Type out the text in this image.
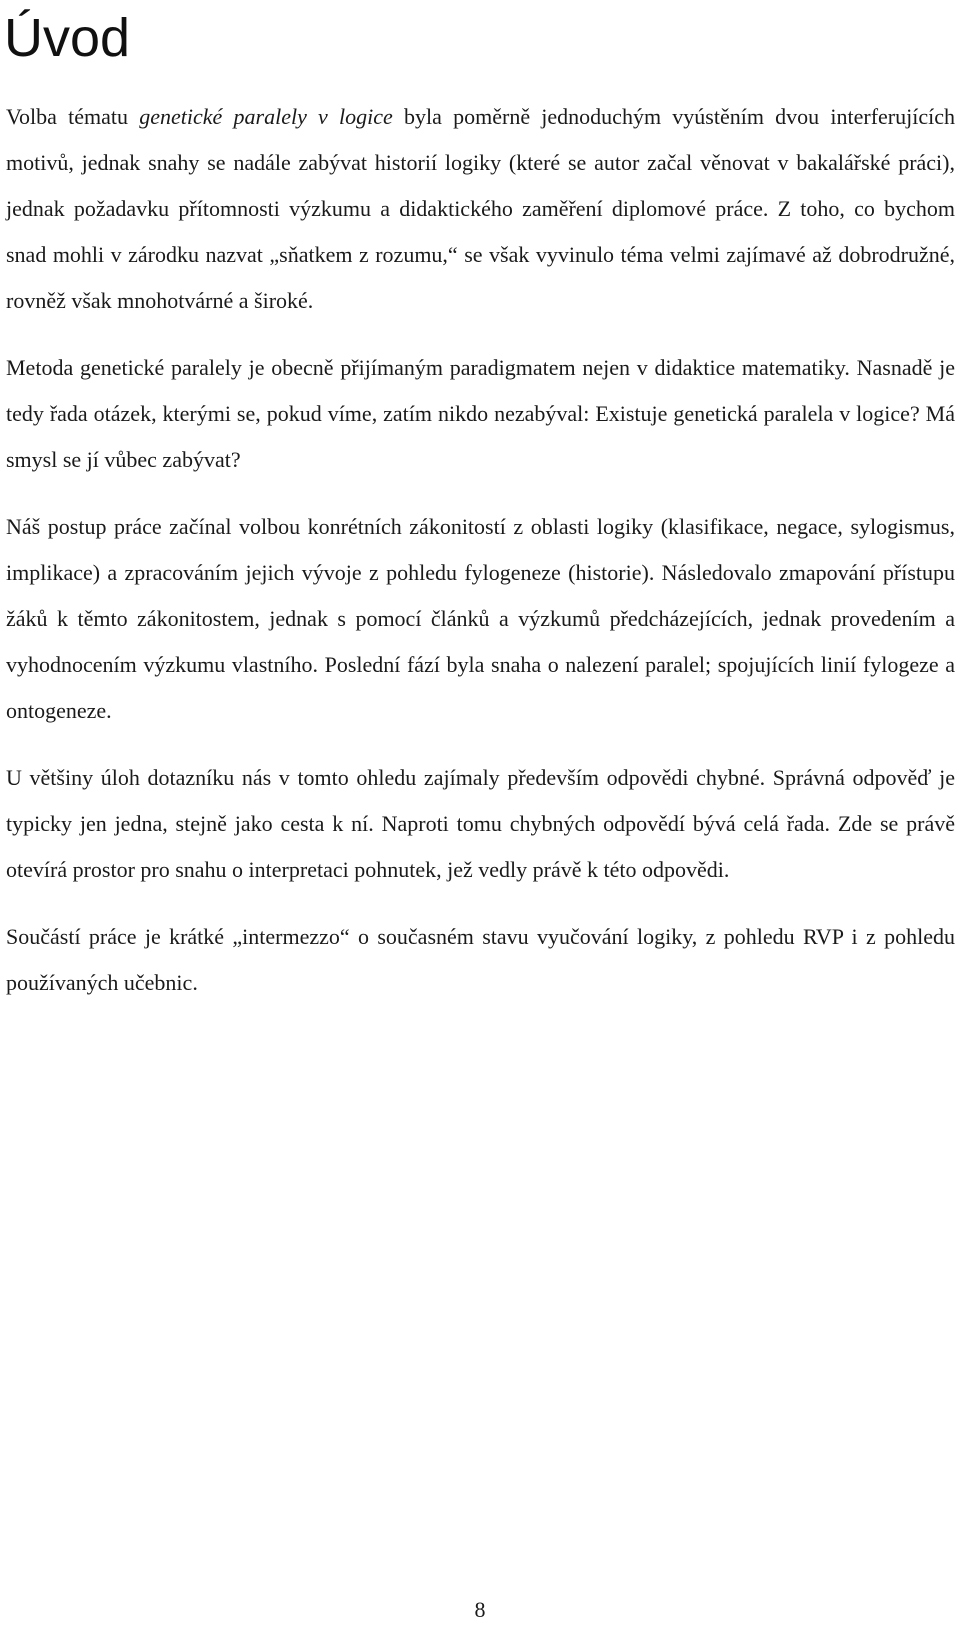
Úvod

Volba tématu genetické paralely v logice byla poměrně jednoduchým vyústěním dvou interferujících motivů, jednak snahy se nadále zabývat historií logiky (které se autor začal věnovat v bakalářské práci), jednak požadavku přítomnosti výzkumu a didaktického zaměření diplomové práce. Z toho, co bychom snad mohli v zárodku nazvat „sňatkem z rozumu,“ se však vyvinulo téma velmi zajímavé až dobrodružné, rovněž však mnohotvárné a široké.

Metoda genetické paralely je obecně přijímaným paradigmatem nejen v didaktice matematiky. Nasnadě je tedy řada otázek, kterými se, pokud víme, zatím nikdo nezabýval: Existuje genetická paralela v logice? Má smysl se jí vůbec zabývat?

Náš postup práce začínal volbou konrétních zákonitostí z oblasti logiky (klasifikace, negace, sylogismus, implikace) a zpracováním jejich vývoje z pohledu fylogeneze (historie). Následovalo zmapování přístupu žáků k těmto zákonitostem, jednak s pomocí článků a výzkumů předcházejících, jednak provedením a vyhodnocením výzkumu vlastního. Poslední fází byla snaha o nalezení paralel; spojujících linií fylogeze a ontogeneze.

U většiny úloh dotazníku nás v tomto ohledu zajímaly především odpovědi chybné. Správná odpověď je typicky jen jedna, stejně jako cesta k ní. Naproti tomu chybných odpovědí bývá celá řada. Zde se právě otevírá prostor pro snahu o interpretaci pohnutek, jež vedly právě k této odpovědi.

Součástí práce je krátké „intermezzo“ o současném stavu vyučování logiky, z pohledu RVP i z pohledu používaných učebnic.

8
